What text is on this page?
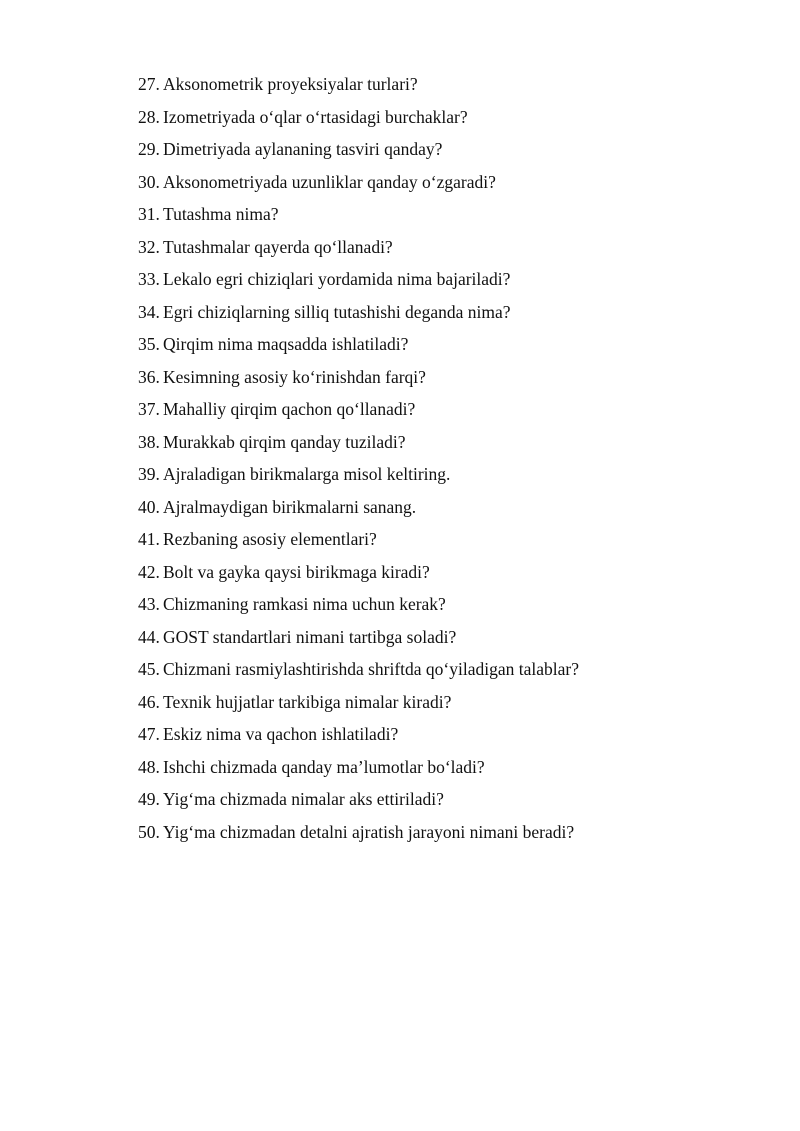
27. Aksonometrik proyeksiyalar turlari?
28. Izometriyada o‘qlar o‘rtasidagi burchaklar?
29. Dimetriyada aylananing tasviri qanday?
30. Aksonometriyada uzunliklar qanday o‘zgaradi?
31. Tutashma nima?
32. Tutashmalar qayerda qo‘llanadi?
33. Lekalo egri chiziqlari yordamida nima bajariladi?
34. Egri chiziqlarning silliq tutashishi deganda nima?
35. Qirqim nima maqsadda ishlatiladi?
36. Kesimning asosiy ko‘rinishdan farqi?
37. Mahalliy qirqim qachon qo‘llanadi?
38. Murakkab qirqim qanday tuziladi?
39. Ajraladigan birikmalarga misol keltiring.
40. Ajralmaydigan birikmalarni sanang.
41. Rezbaning asosiy elementlari?
42. Bolt va gayka qaysi birikmaga kiradi?
43. Chizmaning ramkasi nima uchun kerak?
44. GOST standartlari nimani tartibga soladi?
45. Chizmani rasmiylashtirishda shriftda qo‘yiladigan talablar?
46. Texnik hujjatlar tarkibiga nimalar kiradi?
47. Eskiz nima va qachon ishlatiladi?
48. Ishchi chizmada qanday ma’lumotlar bo‘ladi?
49. Yig‘ma chizmada nimalar aks ettiriladi?
50. Yig‘ma chizmadan detalni ajratish jarayoni nimani beradi?
